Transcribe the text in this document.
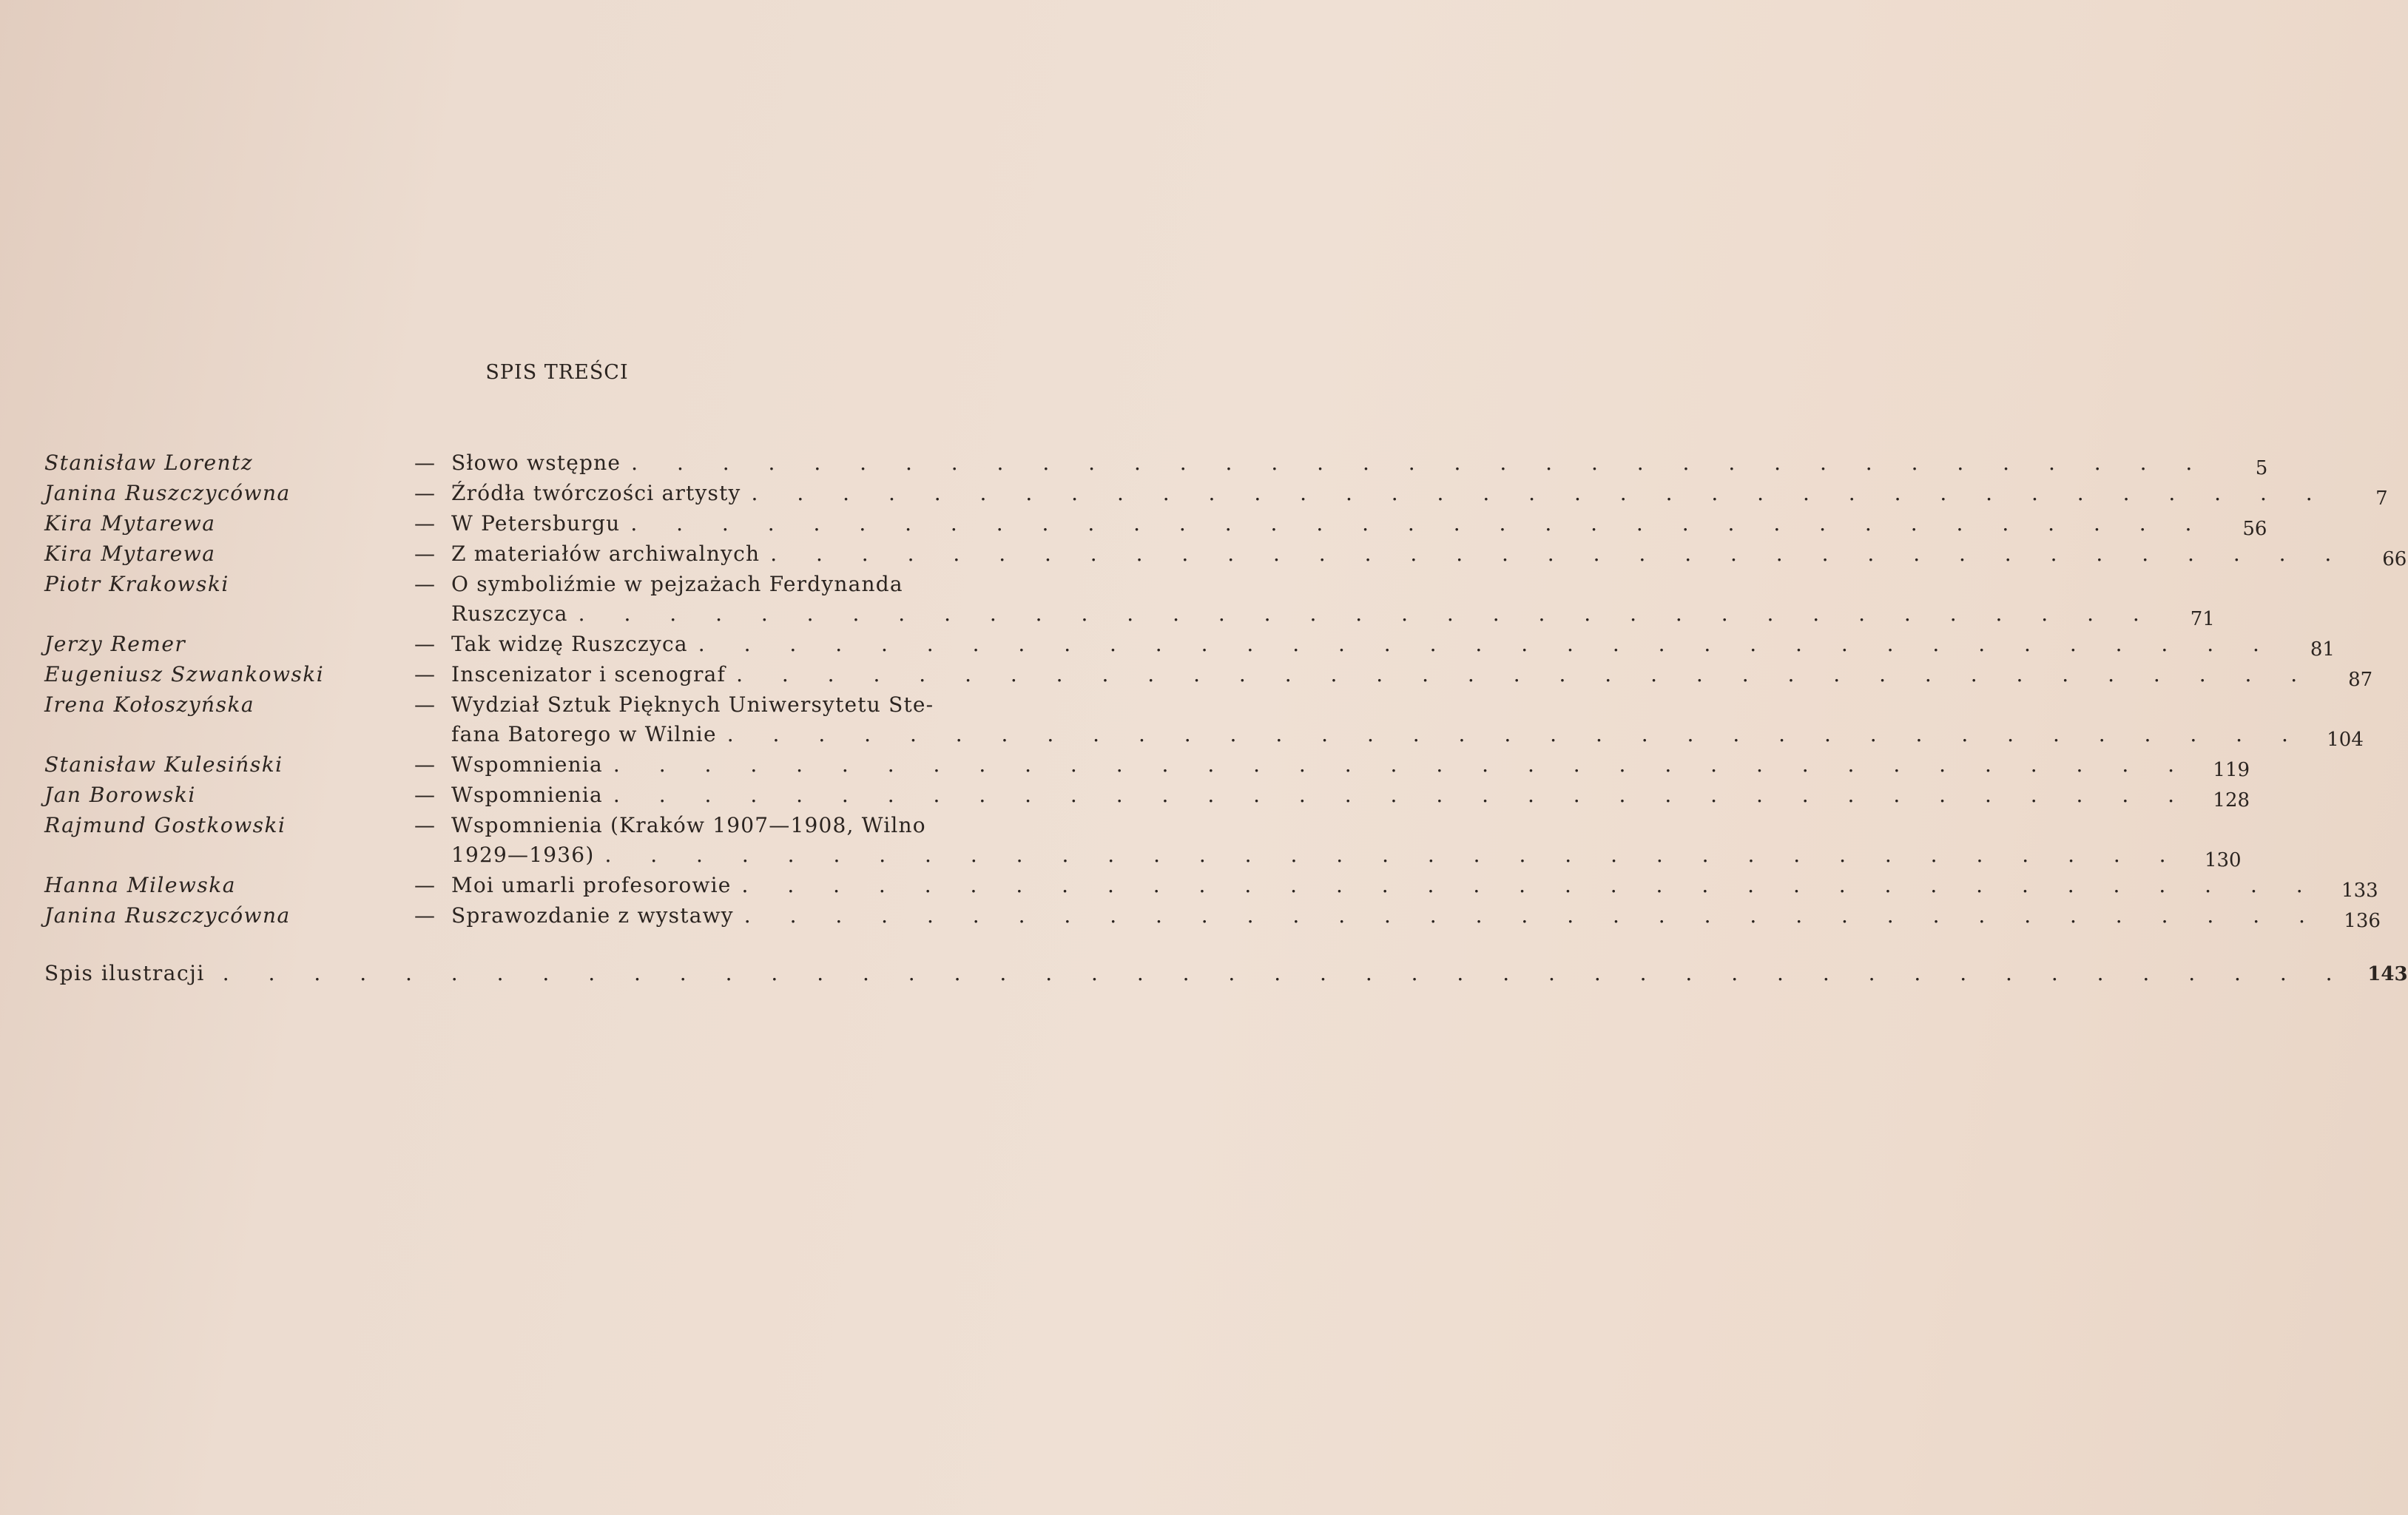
SPIS TREŚCI
Stanisław Lorentz	— Słowo wstępne . . . . . . . . . . . . . . . . . . . . . . . . . . . . . . . . . . .	5
Janina Ruszczycówna	— Źródła twórczości artysty . . . . . . . . . . . . . . . . . . . . . . . . . . . . . . . . . . .	7
Kira Mytarewa	— W Petersburgu . . . . . . . . . . . . . . . . . . . . . . . . . . . . . . . . . . .	56
Kira Mytarewa	— Z materiałów archiwalnych . . . . . . . . . . . . . . . . . . . . . . . . . . . . . . . . . . .	66
Piotr Krakowski	— O symboliźmie w pejzażach Ferdynanda
Ruszczyca . . . . . . . . . . . . . . . . . . . . . . . . . . . . . . . . . . .	71
Jerzy Remer	— Tak widzę Ruszczyca . . . . . . . . . . . . . . . . . . . . . . . . . . . . . . . . . . .	81
Eugeniusz Szwankowski	— Inscenizator i scenograf . . . . . . . . . . . . . . . . . . . . . . . . . . . . . . . . . . .	87
Irena Kołoszyńska	— Wydział Sztuk Pięknych Uniwersytetu Ste-
fana Batorego w Wilnie . . . . . . . . . . . . . . . . . . . . . . . . . . . . . . . . . . .	104
Stanisław Kulesiński	— Wspomnienia . . . . . . . . . . . . . . . . . . . . . . . . . . . . . . . . . . .	119
Jan Borowski	— Wspomnienia . . . . . . . . . . . . . . . . . . . . . . . . . . . . . . . . . . .	128
Rajmund Gostkowski	— Wspomnienia (Kraków 1907—1908, Wilno
1929—1936) . . . . . . . . . . . . . . . . . . . . . . . . . . . . . . . . . . .	130
Hanna Milewska	— Moi umarli profesorowie . . . . . . . . . . . . . . . . . . . . . . . . . . . . . . . . . . .	133
Janina Ruszczycówna	— Sprawozdanie z wystawy . . . . . . . . . . . . . . . . . . . . . . . . . . . . . . . . . . .	136
Spis ilustracji . . . . . . . . . . . . . . . . . . . . . . . . . . . . . . . . . . . . . . . . . . . . . . . 143
